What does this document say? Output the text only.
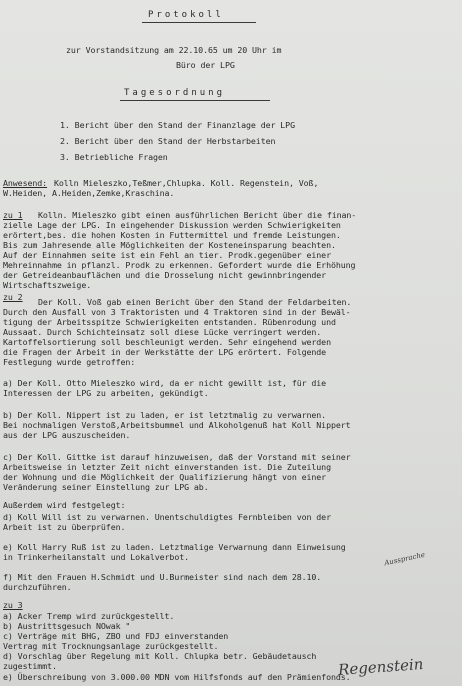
Protokoll
zur Vorstandsitzung am 22.10.65 um 20 Uhr im
Büro der LPG
Tagesordnung
1. Bericht über den Stand der Finanzlage der LPG
2. Bericht über den Stand der Herbstarbeiten
3. Betriebliche Fragen
Anwesend: Kolln Mieleszko,Teßmer,Chlupka. Koll. Regenstein, Voß,
W.Heiden, A.Heiden,Zemke,Kraschina.
zu 1 Kolln. Mieleszko gibt einen ausführlichen Bericht über die finan-
zielle Lage der LPG. In eingehender Diskussion werden Schwierigkeiten
erörtert,bes. die hohen Kosten in Futtermittel und fremde Leistungen.
Bis zum Jahresende alle Möglichkeiten der Kosteneinsparung beachten.
Auf der Einnahmen seite ist ein Fehl an tier. Prodk.gegenüber einer
Mehreinnahme in pflanzl. Prodk zu erkennen. Gefordert wurde die Erhöhung
der Getreideanbauflächen und die Drosselung nicht gewinnbringender
Wirtschaftszweige.
zu 2 Der Koll. Voß gab einen Bericht über den Stand der Feldarbeiten.
Durch den Ausfall von 3 Traktoristen und 4 Traktoren sind in der Bewäl-
tigung der Arbeitsspitze Schwierigkeiten entstanden. Rübenrodung und
Aussaat. Durch Schichteinsatz soll diese Lücke verringert werden.
Kartoffelsortierung soll beschleunigt werden. Sehr eingehend werden
die Fragen der Arbeit in der Werkstätte der LPG erörtert. Folgende
Festlegung wurde getroffen:
a) Der Koll. Otto Mieleszko wird, da er nicht gewillt ist, für die
Interessen der LPG zu arbeiten, gekündigt.
b) Der Koll. Nippert ist zu laden, er ist letztmalig zu verwarnen.
Bei nochmaligen Verstoß,Arbeitsbummel und Alkoholgenuß hat Koll Nippert
aus der LPG auszuscheiden.
c) Der Koll. Gittke ist darauf hinzuweisen, daß der Vorstand mit seiner
Arbeitsweise in letzter Zeit nicht einverstanden ist. Die Zuteilung
der Wohnung und die Möglichkeit der Qualifizierung hängt von einer
Veränderung seiner Einstellung zur LPG ab.
Außerdem wird festgelegt:
d) Koll Will ist zu verwarnen. Unentschuldigtes Fernbleiben von der
Arbeit ist zu überprüfen.
e) Koll Harry Ruß ist zu laden. Letztmalige Verwarnung dann Einweisung
in Trinkerheilanstalt und Lokalverbot.
f) Mit den Frauen H.Schmidt und U.Burmeister sind nach dem 28.10.
durchzuführen.
Aussprache
zu 3
a) Acker Tremp wird zurückgestellt.
b) Austrittsgesuch NOwak "
c) Verträge mit BHG, ZBO und FDJ einverstanden
Vertrag mit Trocknungsanlage zurückgestellt.
d) Vorschlag über Regelung mit Koll. Chlupka betr. Gebäudetausch
zugestimmt.
e) Überschreibung von 3.000.00 MDN vom Hilfsfonds auf den Prämienfonds.
Regenstein
